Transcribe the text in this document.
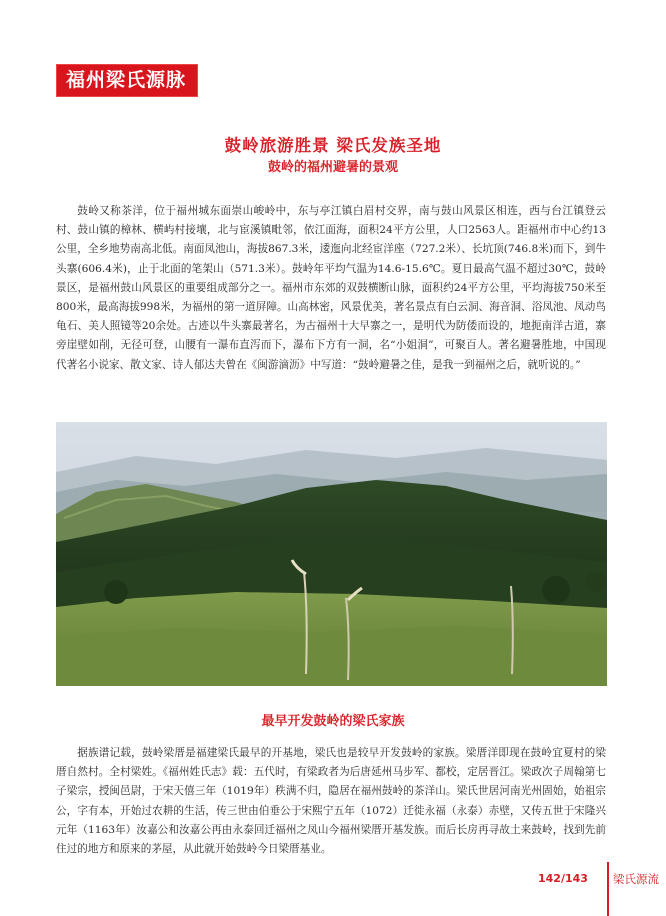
福州梁氏源脉
鼓岭旅游胜景 梁氏发族圣地
鼓岭的福州避暑的景观

鼓岭又称茶洋，位于福州城东面崇山峻岭中，东与亭江镇白眉村交界，南与鼓山风景区相连，西与台江镇登云村、鼓山镇的樟林、横屿村接壤，北与宦溪镇毗邻，依江面海，面积24平方公里，人口2563人。距福州市中心约13公里，全乡地势南高北低。南面凤池山，海拔867.3米，逶迤向北经宦洋座（727.2米）、长坑顶(746.8米)而下，到牛头寨(606.4米)，止于北面的笔架山（571.3米）。鼓岭年平均气温为14.6-15.6℃。夏日最高气温不超过30℃，鼓岭景区，是福州鼓山风景区的重要组成部分之一。福州市东郊的双鼓横断山脉，面积约24平方公里，平均海拔750米至800米，最高海拔998米，为福州的第一道屏障。山高林密，风景优美，著名景点有白云洞、海音洞、浴凤池、凤动鸟龟石、美人照镜等20余处。古迹以牛头寨最著名，为古福州十大早寨之一，是明代为防倭而设的，地扼南洋古道，寨旁崖壁如削，无径可登，山腰有一瀑布直泻而下，瀑布下方有一洞，名“小姐洞”，可聚百人。著名避暑胜地，中国现代著名小说家、散文家、诗人郁达夫曾在《闽游滴沥》中写道：“鼓岭避暑之佳，是我一到福州之后，就听说的。”

最早开发鼓岭的梁氏家族

据族谱记载，鼓岭梁厝是福建梁氏最早的开基地，梁氏也是较早开发鼓岭的家族。梁厝洋即现在鼓岭宜夏村的梁厝自然村。全村梁姓。《福州姓氏志》载：五代时，有梁政者为后唐延州马步军、都校，定居晋江。梁政次子周翰第七子梁宗，授闽邑尉，于宋天僖三年（1019年）秩满不归，隐居在福州鼓岭的茶洋山。梁氏世居河南光州固始，始祖宗公，字有本，开始过农耕的生活，传三世由伯垂公于宋熙宁五年（1072）迁徙永福（永泰）赤壁，又传五世于宋隆兴元年（1163年）汝嘉公和汝嘉公再由永泰回迁福州之凤山今福州梁厝开基发族。而后长房再寻故土来鼓岭，找到先前住过的地方和原来的茅屋，从此就开始鼓岭今日梁厝基业。

142/143 梁氏源流
